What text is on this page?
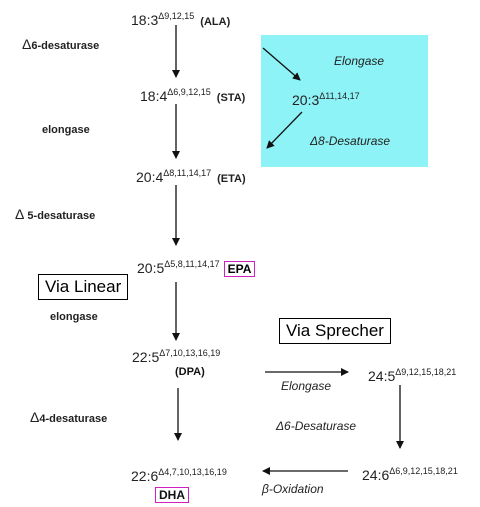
$18:3^{\Delta 9,12,15}$ (ALA)
$18:4^{\Delta 6,9,12,15}$ (STA)	$20:3^{\Delta 11,14,17}$
$20:4^{\Delta 8,11,14,17}$ (ETA)
$20:5^{\Delta 5,8,11,14,17}$ EPA
$22:5^{\Delta 7,10,13,16,19}$
(DPA)	$24:5^{\Delta 9,12,15,18,21}$
$24:6^{\Delta 6,9,12,15,18,21}$
$22:6^{\Delta 4,7,10,13,16,19}$
DHA
Δ6-desaturase
elongase
Δ 5-desaturase
elongase
Δ4-desaturase
Elongase
Δ8-Desaturase
Via Linear
Via Sprecher
Elongase
Δ6-Desaturase
β-Oxidation
